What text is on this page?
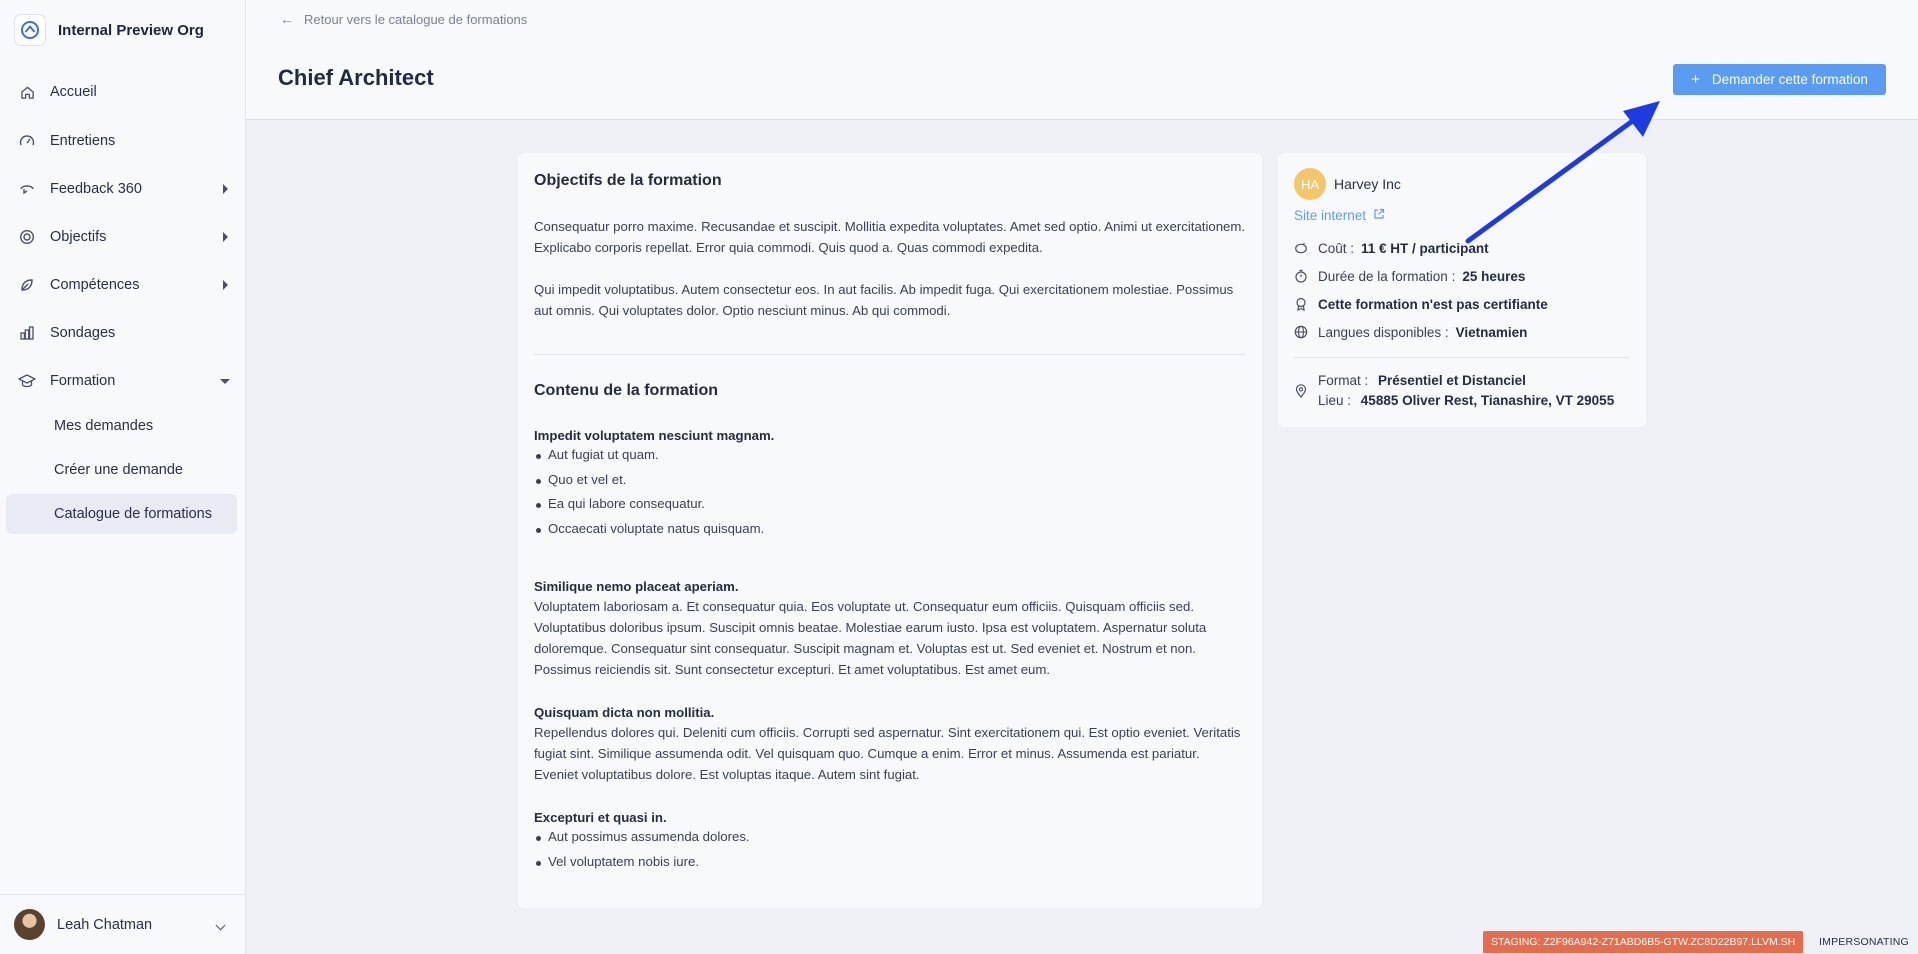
Internal Preview Org
Accueil
Entretiens
Feedback 360
Objectifs
Compétences
Sondages
Formation
Mes demandes
Créer une demande
Catalogue de formations
Leah Chatman
← Retour vers le catalogue de formations
Chief Architect	+ Demander cette formation
Objectifs de la formation

Consequatur porro maxime. Recusandae et suscipit. Mollitia expedita voluptates. Amet sed optio. Animi ut exercitationem. Explicabo corporis repellat. Error quia commodi. Quis quod a. Quas commodi expedita.

Qui impedit voluptatibus. Autem consectetur eos. In aut facilis. Ab impedit fuga. Qui exercitationem molestiae. Possimus aut omnis. Qui voluptates dolor. Optio nesciunt minus. Ab qui commodi.

Contenu de la formation
Impedit voluptatem nesciunt magnam.
Aut fugiat ut quam.
Quo et vel et.
Ea qui labore consequatur.
Occaecati voluptate natus quisquam.
Similique nemo placeat aperiam.

Voluptatem laboriosam a. Et consequatur quia. Eos voluptate ut. Consequatur eum officiis. Quisquam officiis sed. Voluptatibus doloribus ipsum. Suscipit omnis beatae. Molestiae earum iusto. Ipsa est voluptatem. Aspernatur soluta doloremque. Consequatur sint consequatur. Suscipit magnam et. Voluptas est ut. Sed eveniet et. Nostrum et non. Possimus reiciendis sit. Sunt consectetur excepturi. Et amet voluptatibus. Est amet eum.

Quisquam dicta non mollitia.

Repellendus dolores qui. Deleniti cum officiis. Corrupti sed aspernatur. Sint exercitationem qui. Est optio eveniet. Veritatis fugiat sint. Similique assumenda odit. Vel quisquam quo. Cumque a enim. Error et minus. Assumenda est pariatur. Eveniet voluptatibus dolore. Est voluptas itaque. Autem sint fugiat.

Excepturi et quasi in.
Aut possimus assumenda dolores.
Vel voluptatem nobis iure.
HA	Harvey Inc
Site internet
Coût : 11 € HT / participant
Durée de la formation : 25 heures
Cette formation n'est pas certifiante
Langues disponibles : Vietnamien
Format : Présentiel et Distanciel
Lieu : 45885 Oliver Rest, Tianashire, VT 29055
STAGING: Z2F96A942-Z71ABD6B5-GTW.ZC8D22B97.LLVM.SH	IMPERSONATING
